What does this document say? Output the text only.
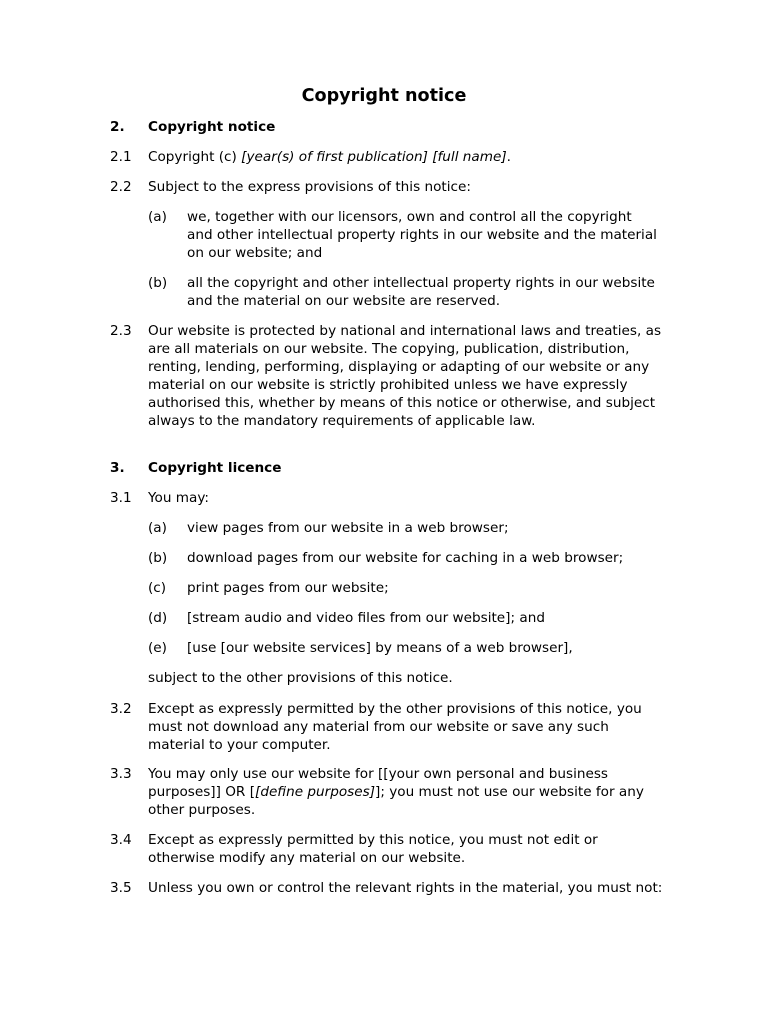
Copyright notice
2. Copyright notice
2.1 Copyright (c) [year(s) of first publication] [full name].
2.2 Subject to the express provisions of this notice:
(a) we, together with our licensors, own and control all the copyright and other intellectual property rights in our website and the material on our website; and
(b) all the copyright and other intellectual property rights in our website and the material on our website are reserved.
2.3 Our website is protected by national and international laws and treaties, as are all materials on our website. The copying, publication, distribution, renting, lending, performing, displaying or adapting of our website or any material on our website is strictly prohibited unless we have expressly authorised this, whether by means of this notice or otherwise, and subject always to the mandatory requirements of applicable law.
3. Copyright licence
3.1 You may:
(a) view pages from our website in a web browser;
(b) download pages from our website for caching in a web browser;
(c) print pages from our website;
(d) [stream audio and video files from our website]; and
(e) [use [our website services] by means of a web browser],
subject to the other provisions of this notice.
3.2 Except as expressly permitted by the other provisions of this notice, you must not download any material from our website or save any such material to your computer.
3.3 You may only use our website for [[your own personal and business purposes]] OR [[define purposes]]; you must not use our website for any other purposes.
3.4 Except as expressly permitted by this notice, you must not edit or otherwise modify any material on our website.
3.5 Unless you own or control the relevant rights in the material, you must not:
